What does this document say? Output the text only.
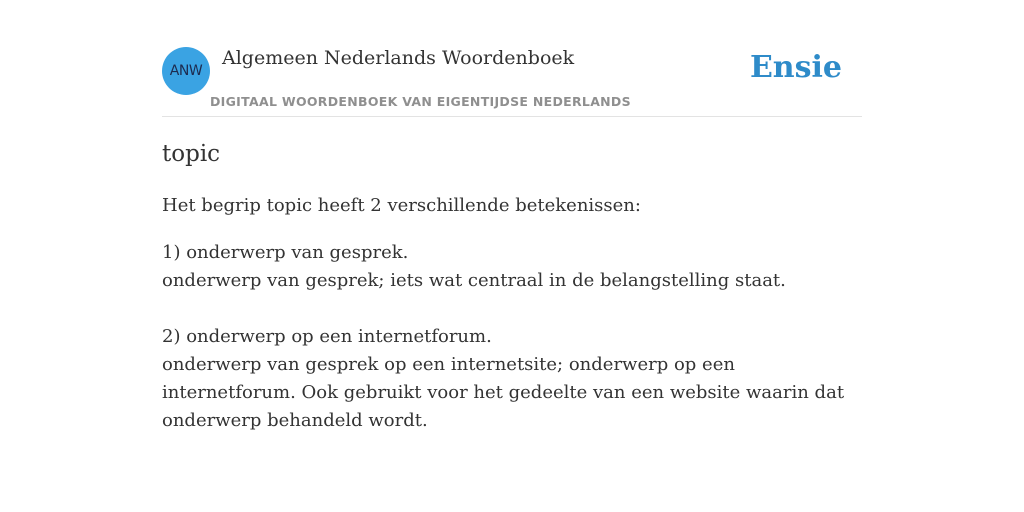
ANW
Algemeen Nederlands Woordenboek
DIGITAAL WOORDENBOEK VAN EIGENTIJDSE NEDERLANDS
Ensie
topic

Het begrip topic heeft 2 verschillende betekenissen:

1) onderwerp van gesprek.
onderwerp van gesprek; iets wat centraal in de belangstelling staat.
2) onderwerp op een internetforum.
onderwerp van gesprek op een internetsite; onderwerp op een internetforum. Ook gebruikt voor het gedeelte van een website waarin dat onderwerp behandeld wordt.
